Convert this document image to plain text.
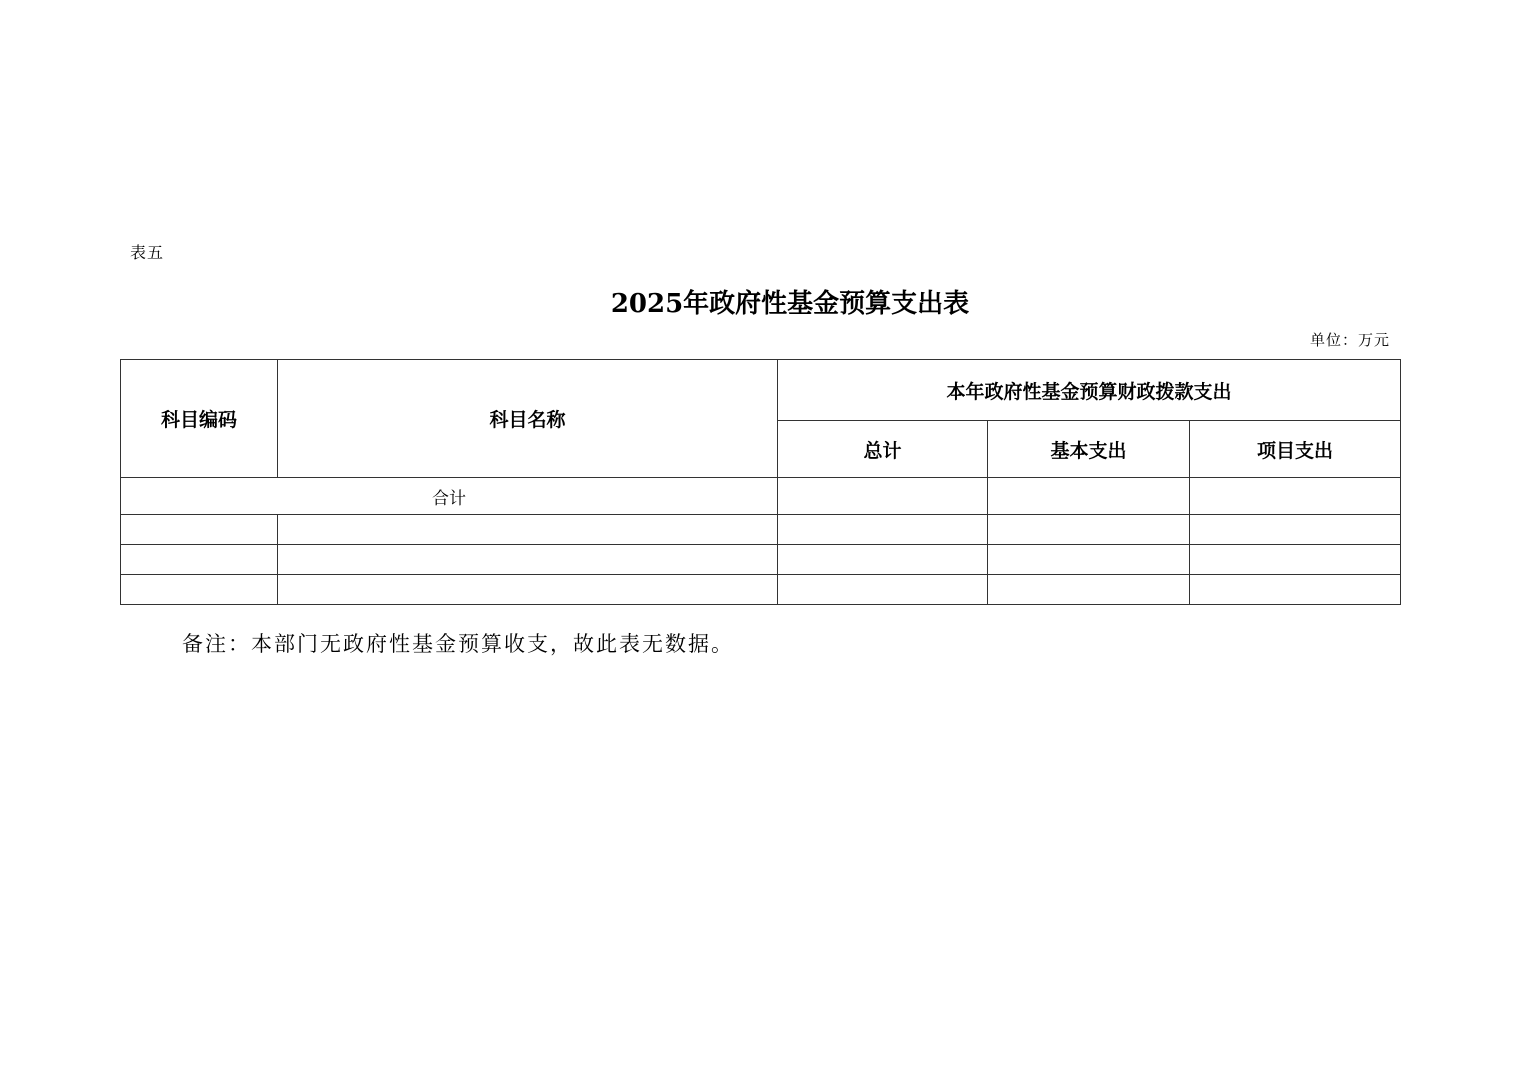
表五
2025年政府性基金预算支出表
单位：万元
科目编码	科目名称	本年政府性基金预算财政拨款支出		
		总计	基本支出	项目支出
合计				

备注：本部门无政府性基金预算收支，故此表无数据。
